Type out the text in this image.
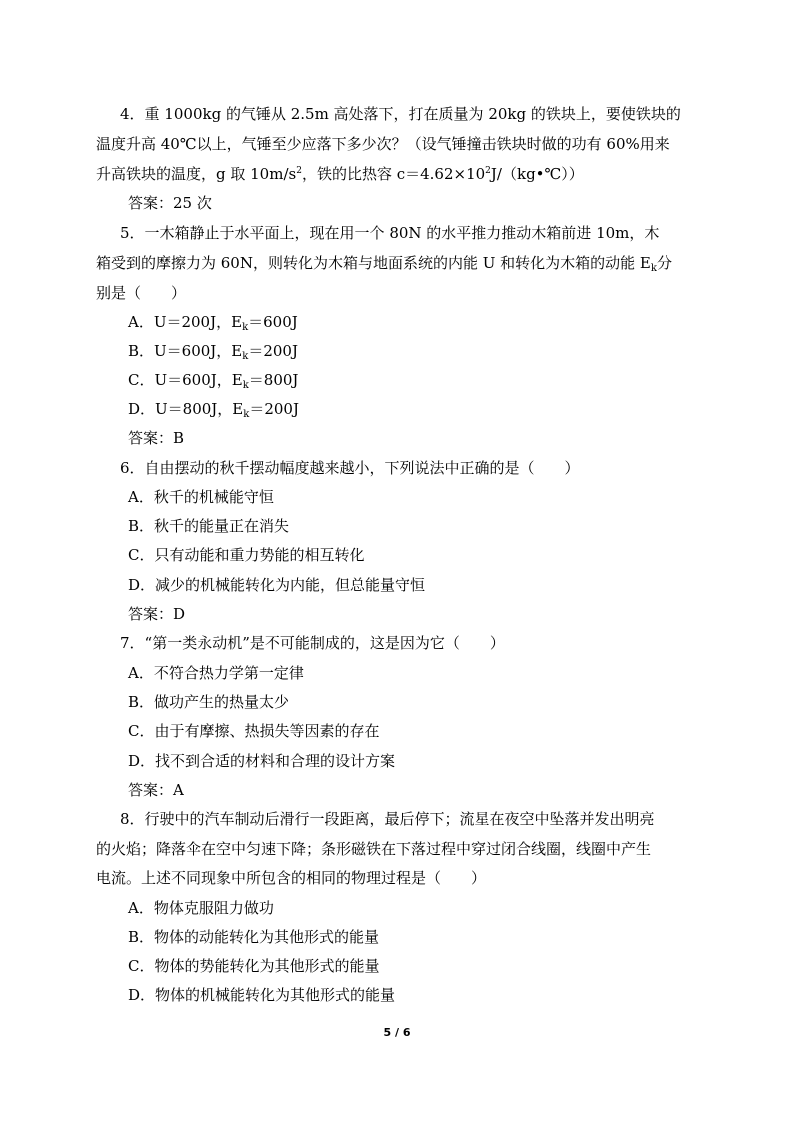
4．重 1000kg 的气锤从 2.5m 高处落下，打在质量为 20kg 的铁块上，要使铁块的
温度升高 40℃以上，气锤至少应落下多少次？（设气锤撞击铁块时做的功有 60%用来
升高铁块的温度，g 取 $10m/s^2$，铁的比热容 $c=4.62\times 10^2J/(kg•℃)$）
答案：25 次
5．一木箱静止于水平面上，现在用一个 80N 的水平推力推动木箱前进 10m，木
箱受到的摩擦力为 60N，则转化为木箱与地面系统的内能 U 和转化为木箱的动能 $E_k$分
别是（　　）
A．U＝200J，$E_k=600J$
B．U＝600J，$E_k=200J$
C．U＝600J，$E_k=800J$
D．U＝800J，$E_k=200J$
答案：B
6．自由摆动的秋千摆动幅度越来越小，下列说法中正确的是（　　）
A．秋千的机械能守恒
B．秋千的能量正在消失
C．只有动能和重力势能的相互转化
D．减少的机械能转化为内能，但总能量守恒
答案：D
7．“第一类永动机”是不可能制成的，这是因为它（　　）
A．不符合热力学第一定律
B．做功产生的热量太少
C．由于有摩擦、热损失等因素的存在
D．找不到合适的材料和合理的设计方案
答案：A
8．行驶中的汽车制动后滑行一段距离，最后停下；流星在夜空中坠落并发出明亮
的火焰；降落伞在空中匀速下降；条形磁铁在下落过程中穿过闭合线圈，线圈中产生
电流。上述不同现象中所包含的相同的物理过程是（　　）
A．物体克服阻力做功
B．物体的动能转化为其他形式的能量
C．物体的势能转化为其他形式的能量
D．物体的机械能转化为其他形式的能量
5 / 6
